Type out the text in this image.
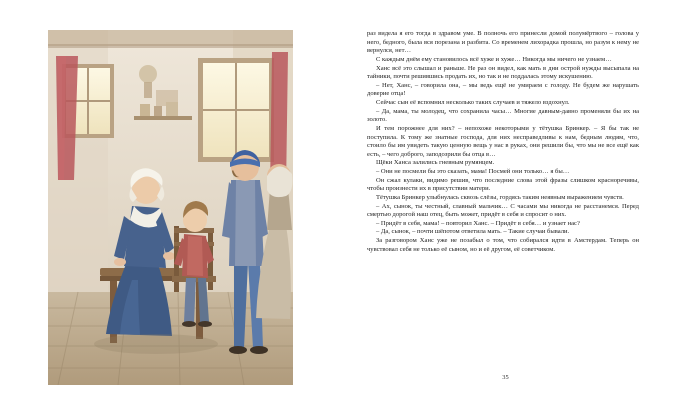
раз видела я его тогда в здравом уме. В полночь его принесли домой полумёртвого – голова у него, бедного, была вся порезана и разбита. Со временем лихорадка прошла, но разум к нему не вернулся, нет…

С каждым днём ему становилось всё хуже и хуже… Никогда мы ничего не узнаем…

Ханс всё это слышал и раньше. Не раз он видел, как мать в дни острой нужды высыпала на тайники, почти решившись продать их, но так и не поддалась этому искушению.

– Нет, Ханс, – говорила она, – мы ведь ещё не умираем с голоду. Не будем же нарушать доверие отца!

Сейчас сын её вспомнил несколько таких случаев и тяжело вздохнул.

– Да, мама, ты молодец, что сохранила часы… Многие давным-давно променяли бы их на золото.

И тем порожнее для них? – непохоже некоторыми у тётушка Бринкер. – Я бы так не поступила. К тому же знатные господа, для них несправедливы к нам, бедным людям, что, стоило бы им увидеть такую ценную вещь у нас в руках, они решили бы, что мы не все ещё как есть, – чего доброго, заподозрили бы отца в…

Щёки Ханса залились гневным румянцем.

– Они не посмели бы это сказать, мама! Посмей они только… я бы…

Он сжал кулаки, видимо решив, что последние слова этой фразы слишком красноречивы, чтобы произнести их в присутствии матери.

Тётушка Бринкер улыбнулась сквозь слёзы, гордясь таким неявным выражением чувств.

– Ах, сынок, ты честный, славный мальчик… С часами мы никогда не расстанемся. Перед смертью дорогой наш отец, быть может, придёт в себя и спросит о них.

– Придёт в себя, мама! – повторил Ханс. – Придёт в себя… и узнает нас?

– Да, сынок, – почти шёпотом ответила мать. – Такие случаи бывали.

За разговором Ханс уже не позабыл о том, что собирался идти в Амстердам. Теперь он чувствовал себя не только её сыном, но и её другом, её советчиком.

35
